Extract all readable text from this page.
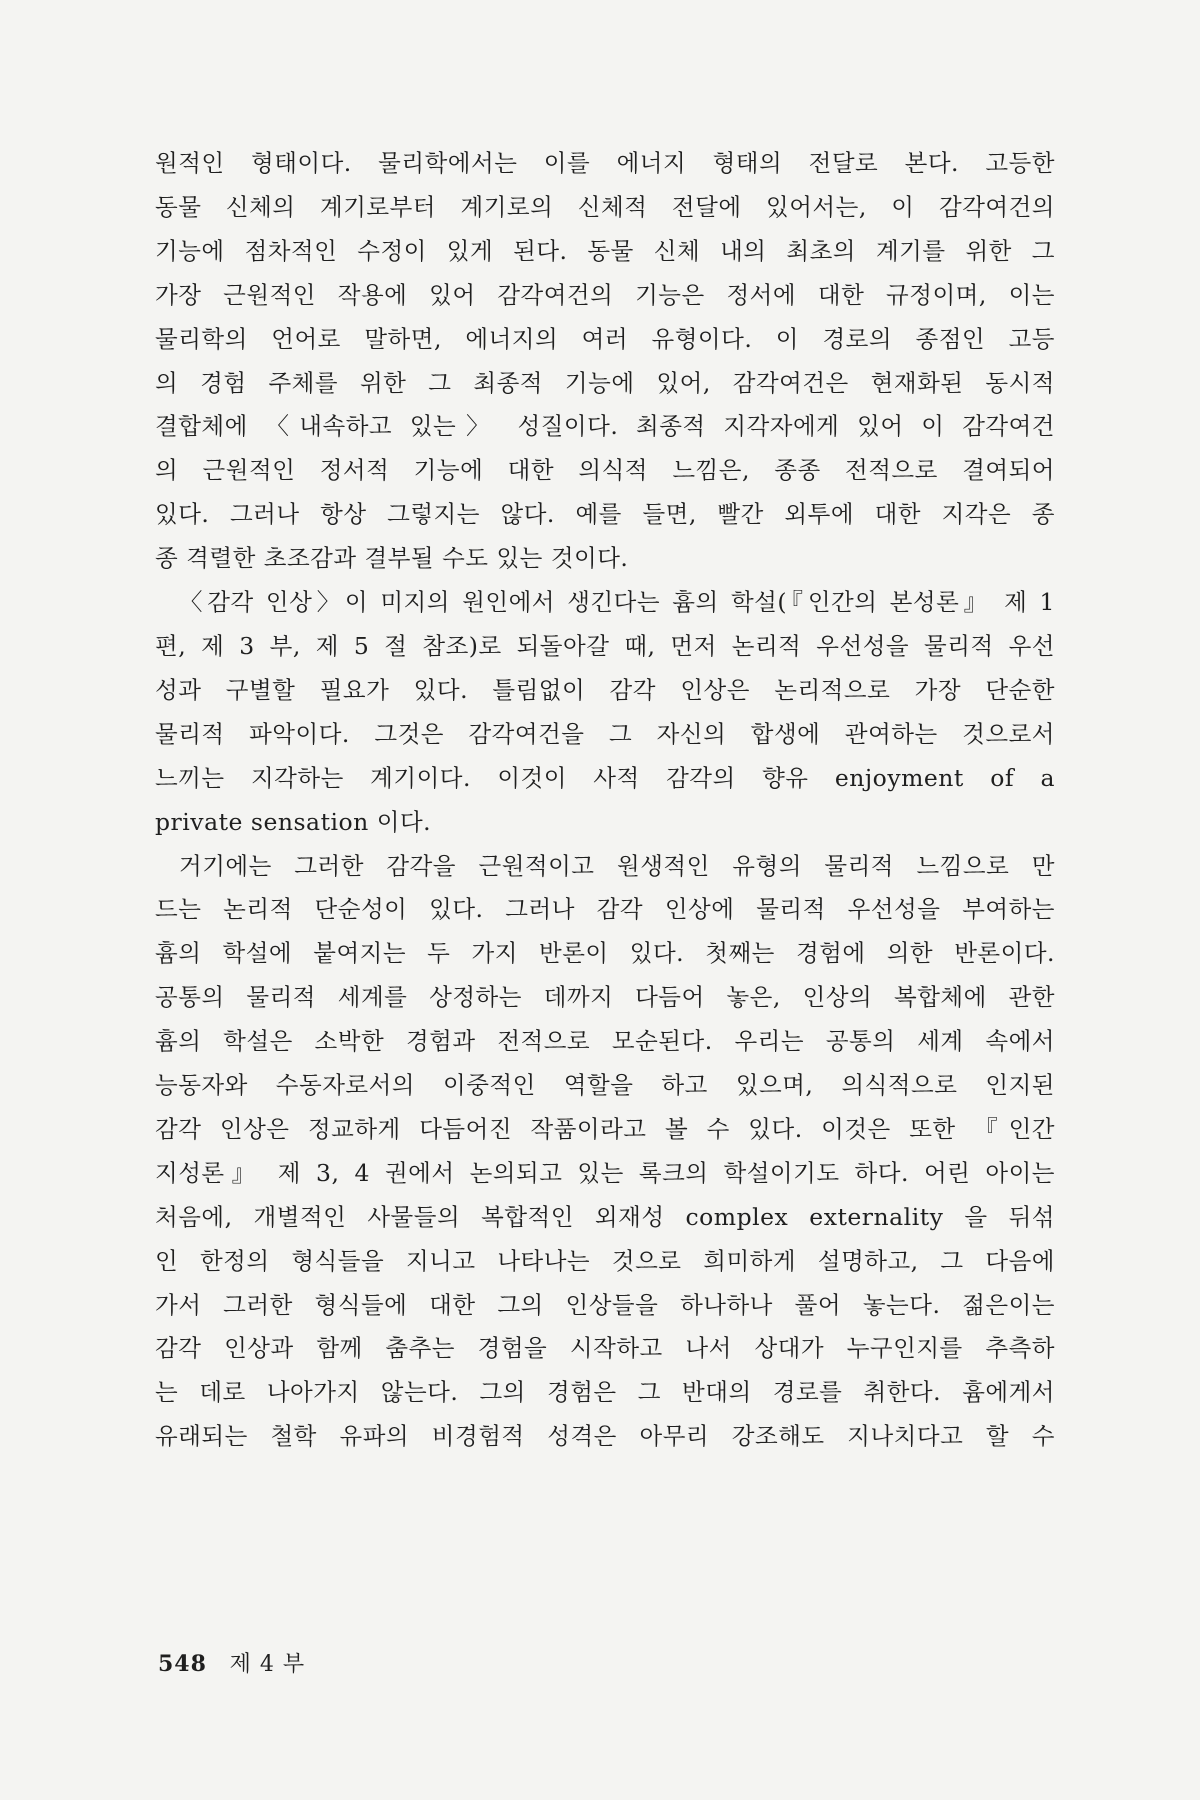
원적인 형태이다. 물리학에서는 이를 에너지 형태의 전달로 본다. 고등한
동물 신체의 계기로부터 계기로의 신체적 전달에 있어서는, 이 감각여건의
기능에 점차적인 수정이 있게 된다. 동물 신체 내의 최초의 계기를 위한 그
가장 근원적인 작용에 있어 감각여건의 기능은 정서에 대한 규정이며, 이는
물리학의 언어로 말하면, 에너지의 여러 유형이다. 이 경로의 종점인 고등
의 경험 주체를 위한 그 최종적 기능에 있어, 감각여건은 현재화된 동시적
결합체에 〈내속하고 있는〉 성질이다. 최종적 지각자에게 있어 이 감각여건
의 근원적인 정서적 기능에 대한 의식적 느낌은, 종종 전적으로 결여되어
있다. 그러나 항상 그렇지는 않다. 예를 들면, 빨간 외투에 대한 지각은 종
종 격렬한 초조감과 결부될 수도 있는 것이다.

〈감각 인상〉이 미지의 원인에서 생긴다는 흄의 학설(『인간의 본성론』 제 1
편, 제 3 부, 제 5 절 참조)로 되돌아갈 때, 먼저 논리적 우선성을 물리적 우선
성과 구별할 필요가 있다. 틀림없이 감각 인상은 논리적으로 가장 단순한
물리적 파악이다. 그것은 감각여건을 그 자신의 합생에 관여하는 것으로서
느끼는 지각하는 계기이다. 이것이 사적 감각의 향유 enjoyment of a
private sensation 이다.

거기에는 그러한 감각을 근원적이고 원생적인 유형의 물리적 느낌으로 만
드는 논리적 단순성이 있다. 그러나 감각 인상에 물리적 우선성을 부여하는
흄의 학설에 붙여지는 두 가지 반론이 있다. 첫째는 경험에 의한 반론이다.
공통의 물리적 세계를 상정하는 데까지 다듬어 놓은, 인상의 복합체에 관한
흄의 학설은 소박한 경험과 전적으로 모순된다. 우리는 공통의 세계 속에서
능동자와 수동자로서의 이중적인 역할을 하고 있으며, 의식적으로 인지된
감각 인상은 정교하게 다듬어진 작품이라고 볼 수 있다. 이것은 또한 『인간
지성론』 제 3, 4 권에서 논의되고 있는 록크의 학설이기도 하다. 어린 아이는
처음에, 개별적인 사물들의 복합적인 외재성 complex externality 을 뒤섞
인 한정의 형식들을 지니고 나타나는 것으로 희미하게 설명하고, 그 다음에
가서 그러한 형식들에 대한 그의 인상들을 하나하나 풀어 놓는다. 젊은이는
감각 인상과 함께 춤추는 경험을 시작하고 나서 상대가 누구인지를 추측하
는 데로 나아가지 않는다. 그의 경험은 그 반대의 경로를 취한다. 흄에게서
유래되는 철학 유파의 비경험적 성격은 아무리 강조해도 지나치다고 할 수

548 제 4 부
